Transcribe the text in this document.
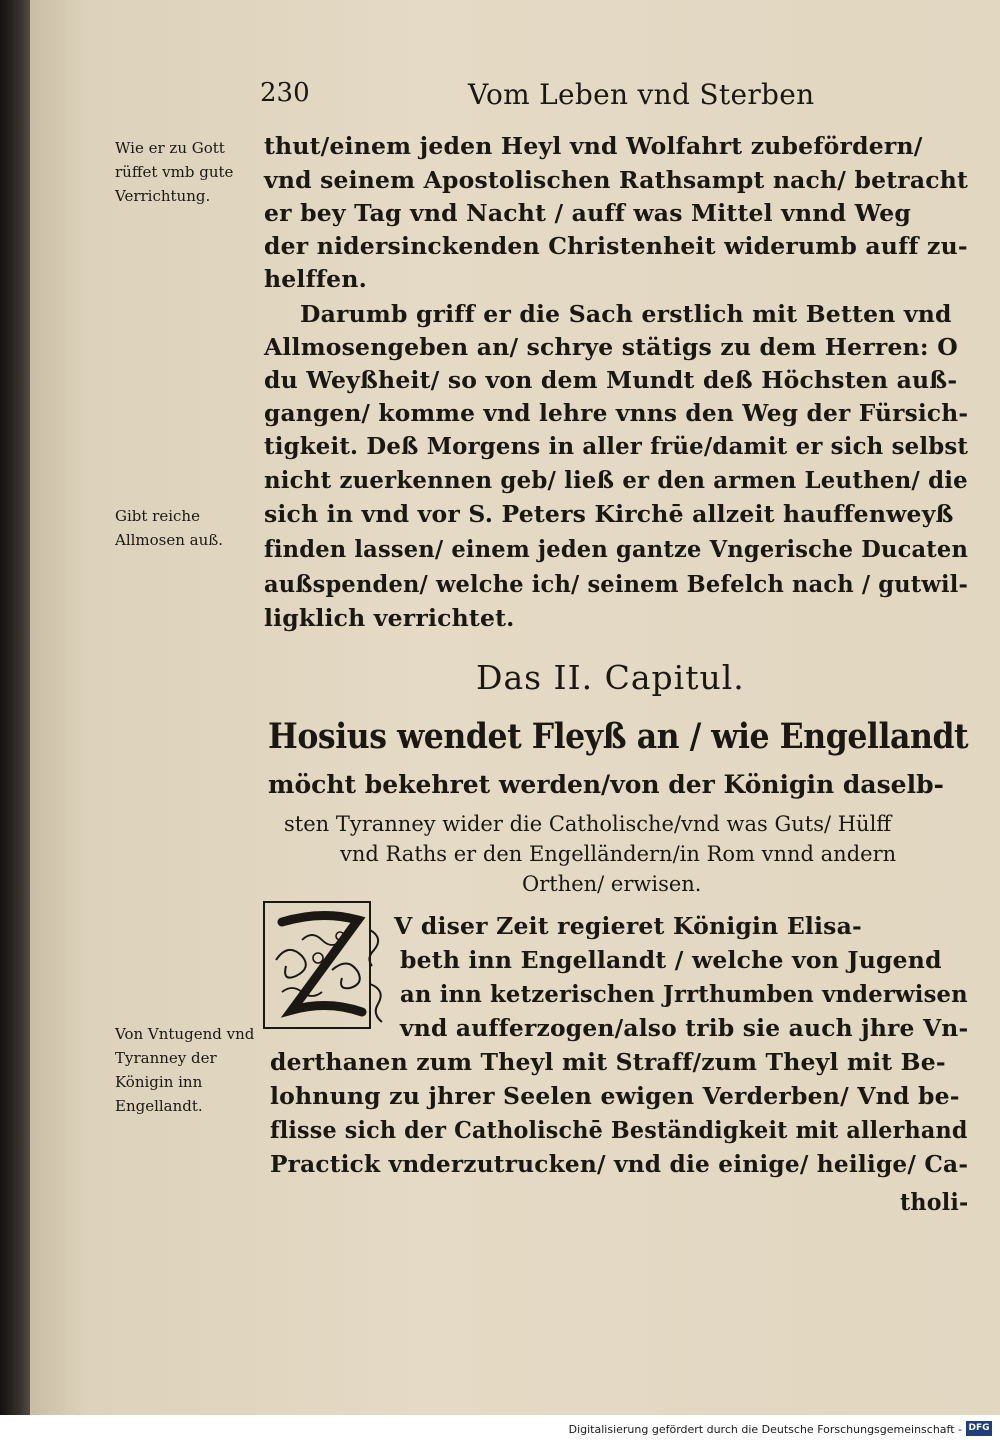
230	Vom Leben vnd Sterben
Wie er zu Gott rüffet vmb gute Verrichtung.
Gibt reiche Allmosen auß.
Von Vntugend vnd Tyranney der Königin inn Engellandt.
thut/einem jeden Heyl vnd Wolfahrt zubefördern/
vnd seinem Apostolischen Rathsampt nach/ betracht
er bey Tag vnd Nacht / auff was Mittel vnnd Weg
der nidersinckenden Christenheit widerumb auff zu-
helffen.
Darumb griff er die Sach erstlich mit Betten vnd
Allmosengeben an/ schrye stätigs zu dem Herren: O
du Weyßheit/ so von dem Mundt deß Höchsten auß-
gangen/ komme vnd lehre vnns den Weg der Fürsich-
tigkeit. Deß Morgens in aller früe/damit er sich selbst
nicht zuerkennen geb/ ließ er den armen Leuthen/ die
sich in vnd vor S. Peters Kirchē allzeit hauffenweyß
finden lassen/ einem jeden gantze Vngerische Ducaten
außspenden/ welche ich/ seinem Befelch nach / gutwil-
ligklich verrichtet.
Das II. Capitul.
Hosius wendet Fleyß an / wie Engellandt
möcht bekehret werden/von der Königin daselb-
sten Tyranney wider die Catholische/vnd was Guts/ Hülff
vnd Raths er den Engelländern/in Rom vnnd andern
Orthen/ erwisen.
V diser Zeit regieret Königin Elisa-
beth inn Engellandt / welche von Jugend
an inn ketzerischen Jrrthumben vnderwisen
vnd aufferzogen/also trib sie auch jhre Vn-
derthanen zum Theyl mit Straff/zum Theyl mit Be-
lohnung zu jhrer Seelen ewigen Verderben/ Vnd be-
flisse sich der Catholischē Beständigkeit mit allerhand
Practick vnderzutrucken/ vnd die einige/ heilige/ Ca-
tholi-
Digitalisierung gefördert durch die Deutsche Forschungsgemeinschaft - DFG
